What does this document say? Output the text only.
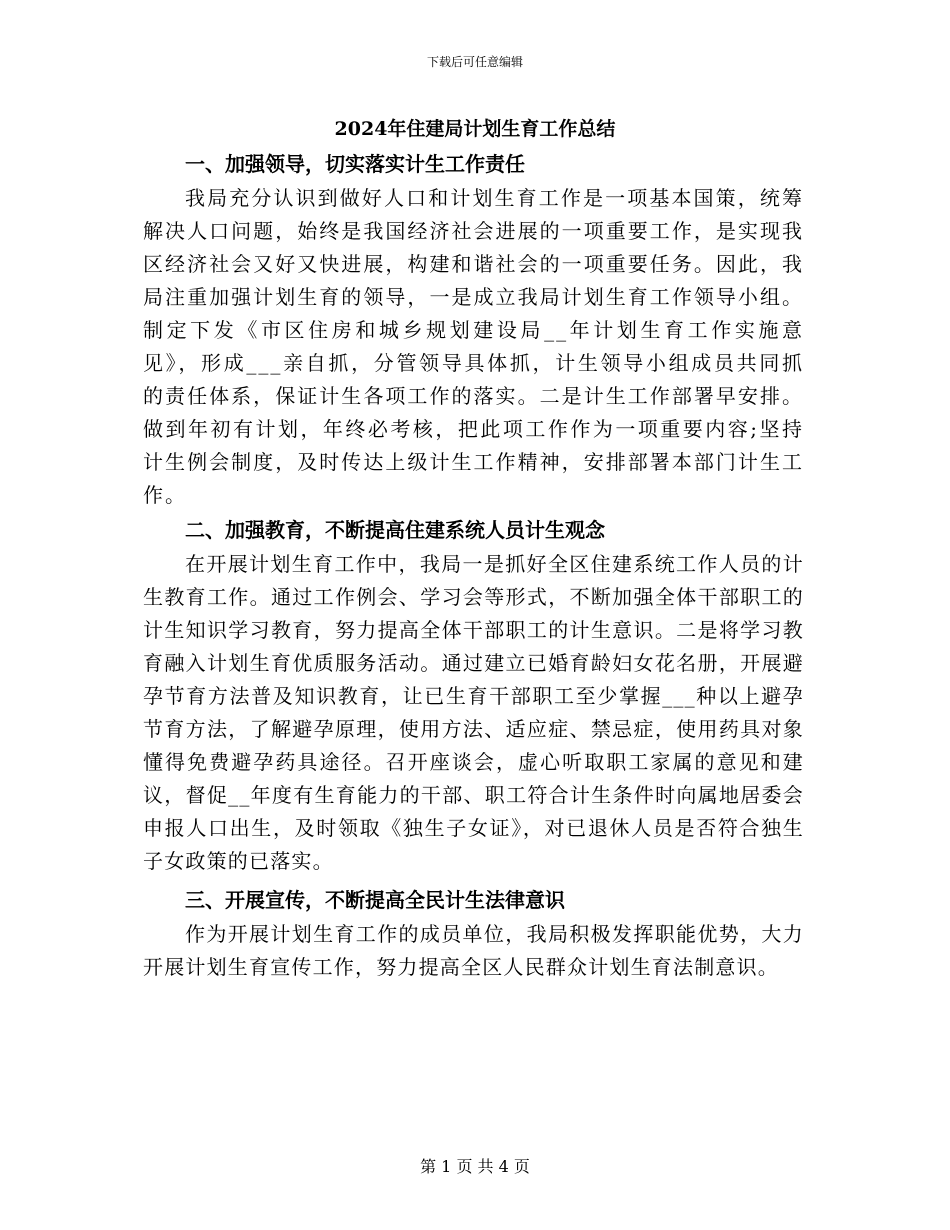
下载后可任意编辑
2024年住建局计划生育工作总结

一、加强领导，切实落实计生工作责任

我局充分认识到做好人口和计划生育工作是一项基本国策，统筹解决人口问题，始终是我国经济社会进展的一项重要工作，是实现我区经济社会又好又快进展，构建和谐社会的一项重要任务。因此，我局注重加强计划生育的领导，一是成立我局计划生育工作领导小组。制定下发《市区住房和城乡规划建设局__年计划生育工作实施意见》，形成___亲自抓，分管领导具体抓，计生领导小组成员共同抓的责任体系，保证计生各项工作的落实。二是计生工作部署早安排。做到年初有计划，年终必考核，把此项工作作为一项重要内容;坚持计生例会制度，及时传达上级计生工作精神，安排部署本部门计生工作。

二、加强教育，不断提高住建系统人员计生观念

在开展计划生育工作中，我局一是抓好全区住建系统工作人员的计生教育工作。通过工作例会、学习会等形式，不断加强全体干部职工的计生知识学习教育，努力提高全体干部职工的计生意识。二是将学习教育融入计划生育优质服务活动。通过建立已婚育龄妇女花名册，开展避孕节育方法普及知识教育，让已生育干部职工至少掌握___种以上避孕节育方法，了解避孕原理，使用方法、适应症、禁忌症，使用药具对象懂得免费避孕药具途径。召开座谈会，虚心听取职工家属的意见和建议，督促__年度有生育能力的干部、职工符合计生条件时向属地居委会申报人口出生，及时领取《独生子女证》，对已退休人员是否符合独生子女政策的已落实。

三、开展宣传，不断提高全民计生法律意识

作为开展计划生育工作的成员单位，我局积极发挥职能优势，大力开展计划生育宣传工作，努力提高全区人民群众计划生育法制意识。

第 1 页 共 4 页
